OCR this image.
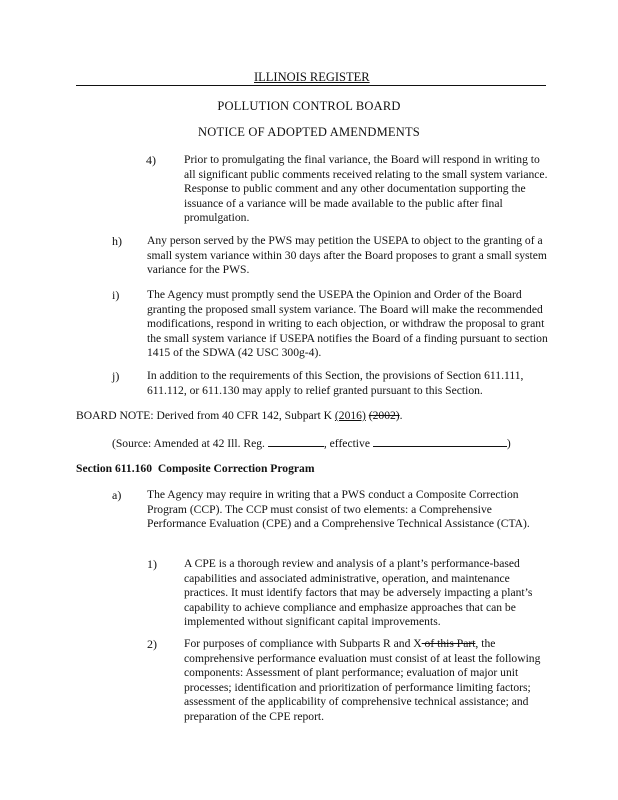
ILLINOIS REGISTER
POLLUTION CONTROL BOARD
NOTICE OF ADOPTED AMENDMENTS
4) Prior to promulgating the final variance, the Board will respond in writing to all significant public comments received relating to the small system variance. Response to public comment and any other documentation supporting the issuance of a variance will be made available to the public after final promulgation.
h) Any person served by the PWS may petition the USEPA to object to the granting of a small system variance within 30 days after the Board proposes to grant a small system variance for the PWS.
i) The Agency must promptly send the USEPA the Opinion and Order of the Board granting the proposed small system variance. The Board will make the recommended modifications, respond in writing to each objection, or withdraw the proposal to grant the small system variance if USEPA notifies the Board of a finding pursuant to section 1415 of the SDWA (42 USC 300g-4).
j) In addition to the requirements of this Section, the provisions of Section 611.111, 611.112, or 611.130 may apply to relief granted pursuant to this Section.
BOARD NOTE: Derived from 40 CFR 142, Subpart K (2016) (2002).
(Source: Amended at 42 Ill. Reg.	, effective	)
Section 611.160 Composite Correction Program
a) The Agency may require in writing that a PWS conduct a Composite Correction Program (CCP). The CCP must consist of two elements: a Comprehensive Performance Evaluation (CPE) and a Comprehensive Technical Assistance (CTA).
1) A CPE is a thorough review and analysis of a plant’s performance-based capabilities and associated administrative, operation, and maintenance practices. It must identify factors that may be adversely impacting a plant’s capability to achieve compliance and emphasize approaches that can be implemented without significant capital improvements.
2) For purposes of compliance with Subparts R and X of this Part, the comprehensive performance evaluation must consist of at least the following components: Assessment of plant performance; evaluation of major unit processes; identification and prioritization of performance limiting factors; assessment of the applicability of comprehensive technical assistance; and preparation of the CPE report.
